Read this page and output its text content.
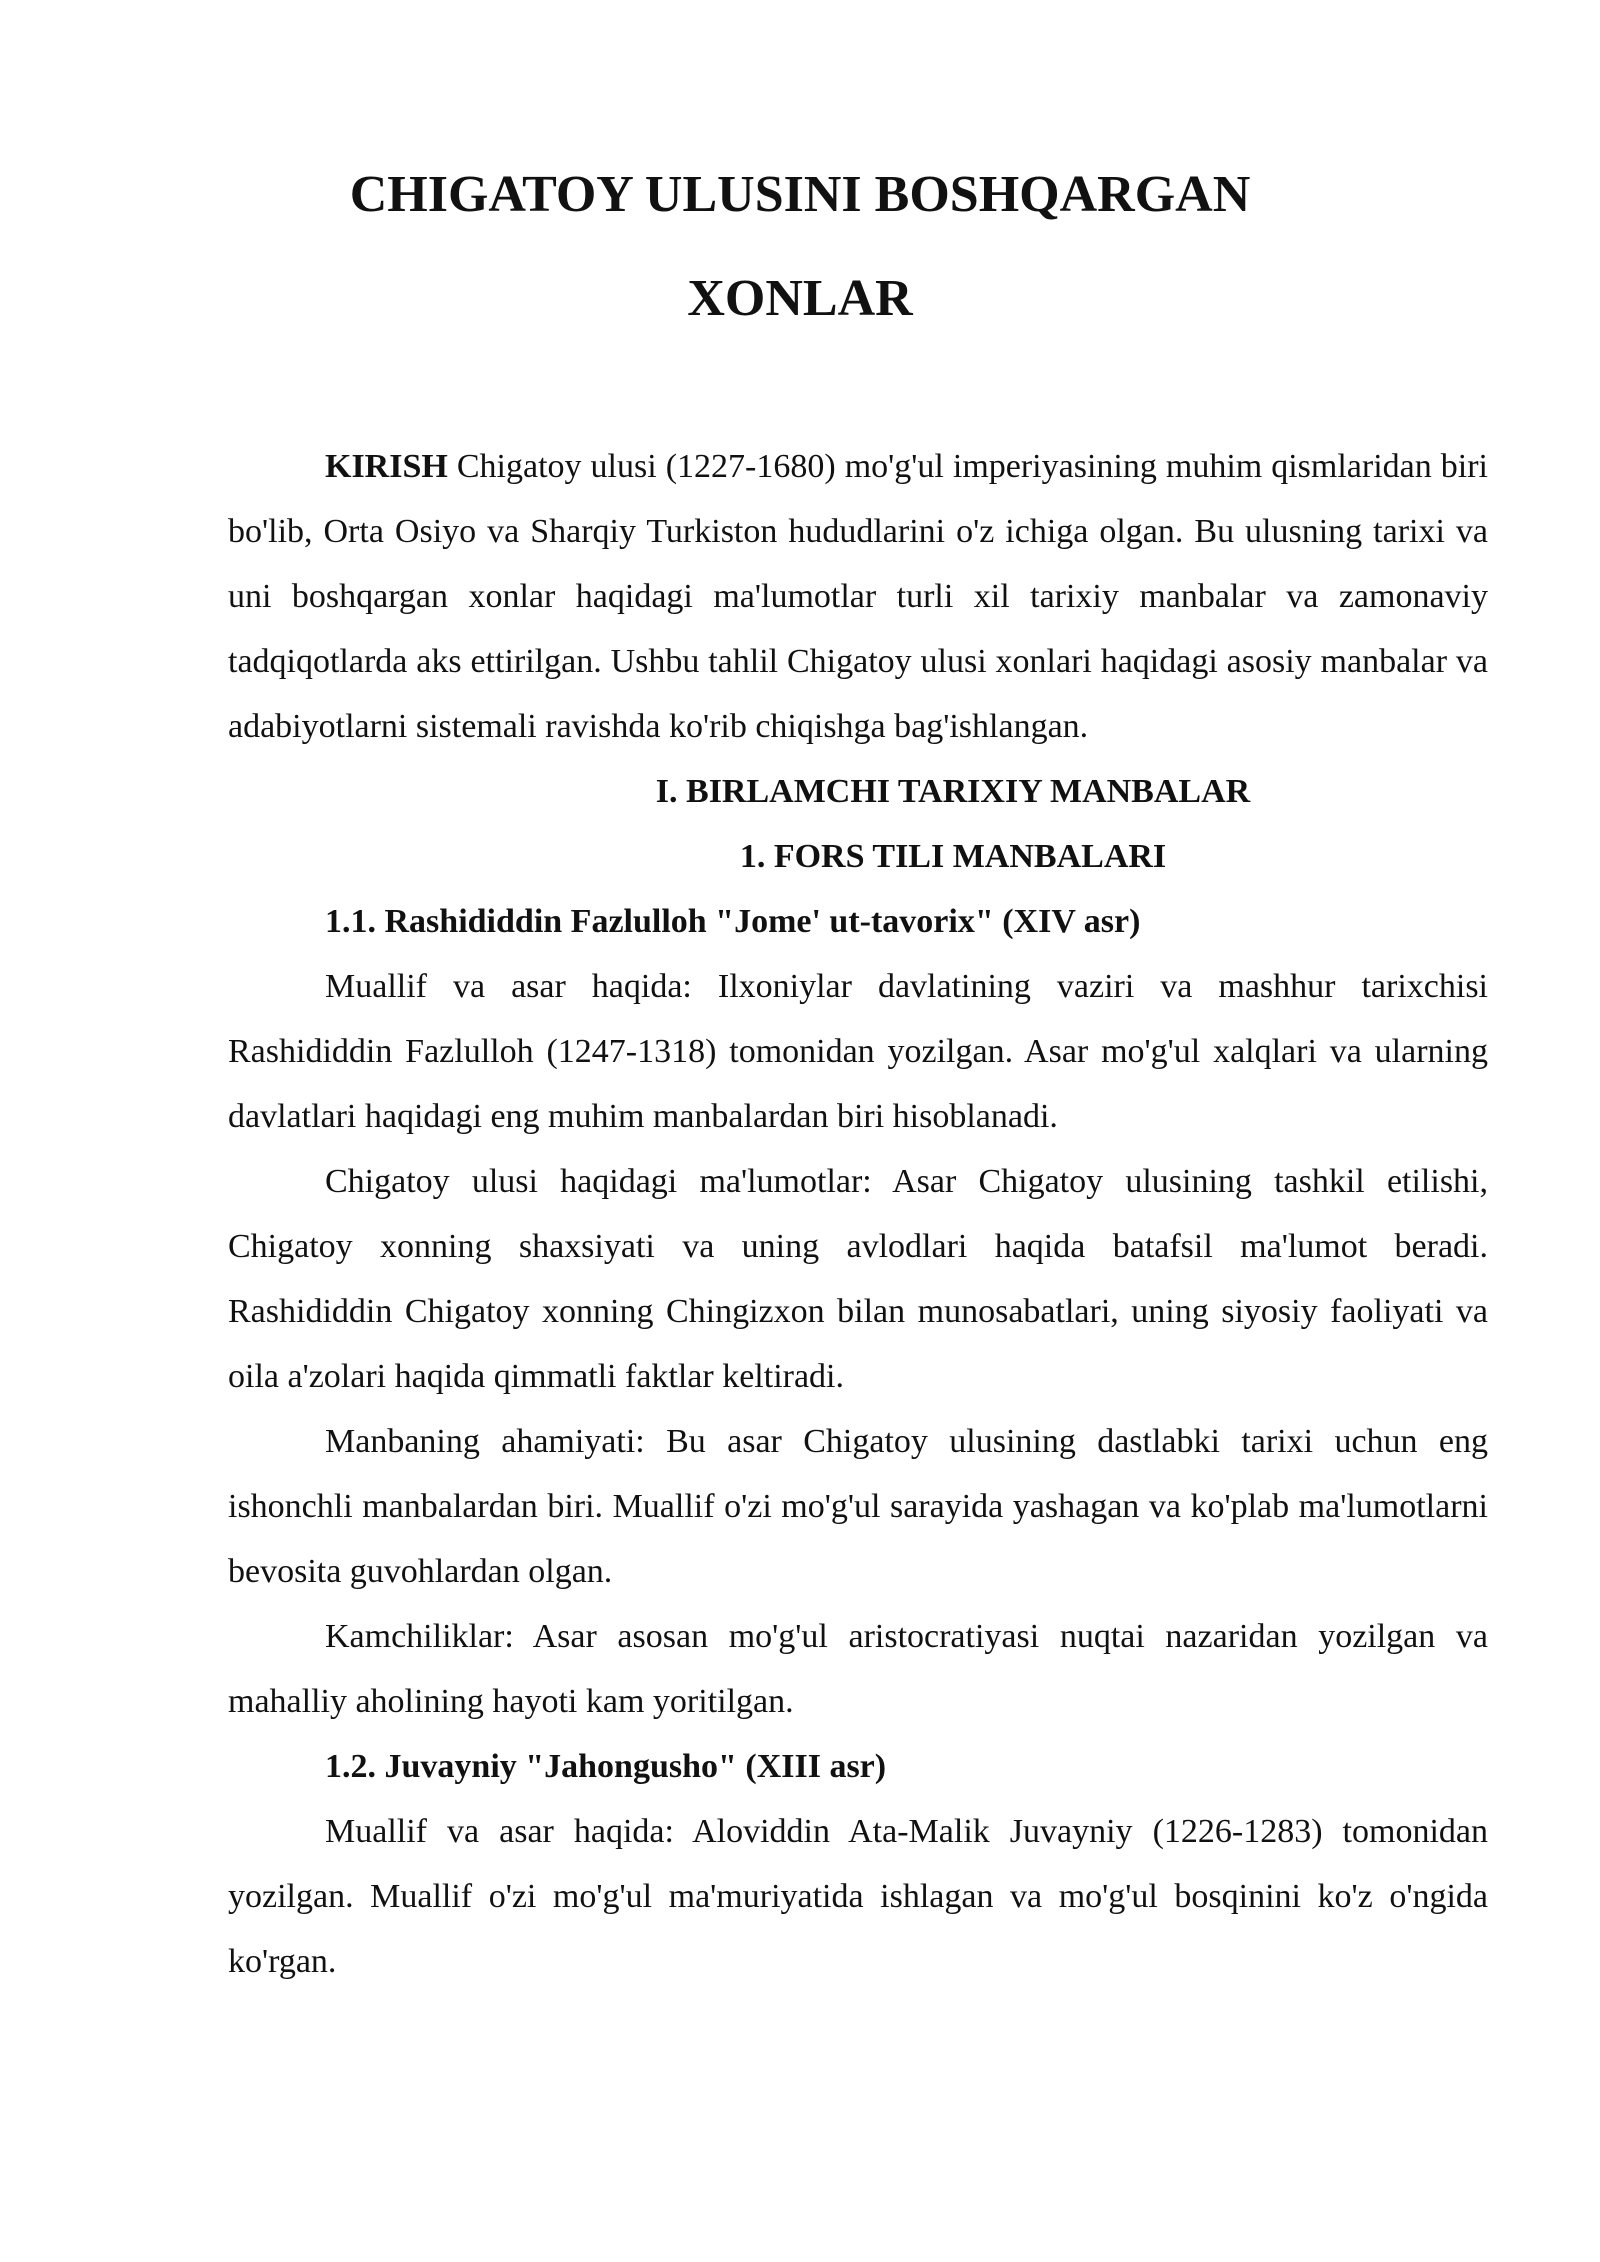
CHIGATOY ULUSINI BOSHQARGAN
XONLAR

KIRISH Chigatoy ulusi (1227-1680) mo'g'ul imperiyasining muhim qismlaridan biri bo'lib, Orta Osiyo va Sharqiy Turkiston hududlarini o'z ichiga olgan. Bu ulusning tarixi va uni boshqargan xonlar haqidagi ma'lumotlar turli xil tarixiy manbalar va zamonaviy tadqiqotlarda aks ettirilgan. Ushbu tahlil Chigatoy ulusi xonlari haqidagi asosiy manbalar va adabiyotlarni sistemali ravishda ko'rib chiqishga bag'ishlangan.

I. BIRLAMCHI TARIXIY MANBALAR

1. FORS TILI MANBALARI

1.1. Rashididdin Fazlulloh "Jome' ut-tavorix" (XIV asr)

Muallif va asar haqida: Ilxoniylar davlatining vaziri va mashhur tarixchisi Rashididdin Fazlulloh (1247-1318) tomonidan yozilgan. Asar mo'g'ul xalqlari va ularning davlatlari haqidagi eng muhim manbalardan biri hisoblanadi.

Chigatoy ulusi haqidagi ma'lumotlar: Asar Chigatoy ulusining tashkil etilishi, Chigatoy xonning shaxsiyati va uning avlodlari haqida batafsil ma'lumot beradi. Rashididdin Chigatoy xonning Chingizxon bilan munosabatlari, uning siyosiy faoliyati va oila a'zolari haqida qimmatli faktlar keltiradi.

Manbaning ahamiyati: Bu asar Chigatoy ulusining dastlabki tarixi uchun eng ishonchli manbalardan biri. Muallif o'zi mo'g'ul sarayida yashagan va ko'plab ma'lumotlarni bevosita guvohlardan olgan.

Kamchiliklar: Asar asosan mo'g'ul aristocratiyasi nuqtai nazaridan yozilgan va mahalliy aholining hayoti kam yoritilgan.

1.2. Juvayniy "Jahongusho" (XIII asr)

Muallif va asar haqida: Aloviddin Ata-Malik Juvayniy (1226-1283) tomonidan yozilgan. Muallif o'zi mo'g'ul ma'muriyatida ishlagan va mo'g'ul bosqinini ko'z o'ngida ko'rgan.
